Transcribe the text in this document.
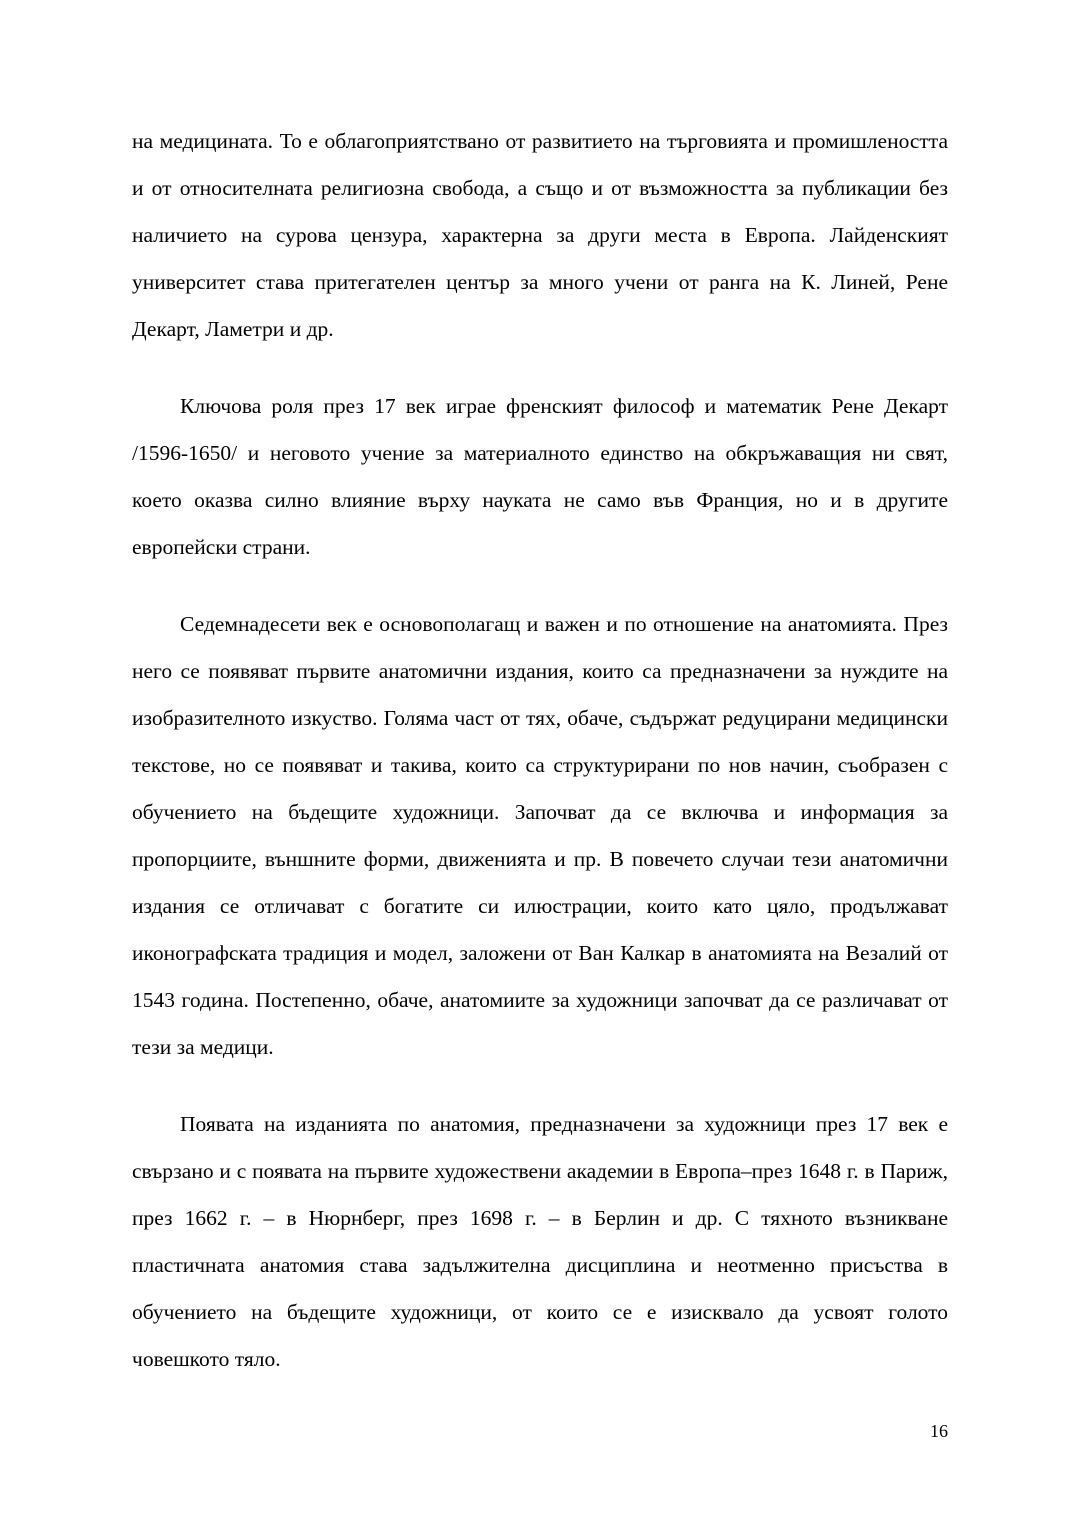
на медицината. То е облагоприятствано от развитието на търговията и промишлеността и от относителната религиозна свобода, а също и от възможността за публикации без наличието на сурова цензура, характерна за други места в Европа. Лайденският университет става притегателен център за много учени от ранга на К. Линей, Рене Декарт, Ламетри и др.

Ключова роля през 17 век играе френският философ и математик Рене Декарт /1596-1650/ и неговото учение за материалното единство на обкръжаващия ни свят, което оказва силно влияние върху науката не само във Франция, но и в другите европейски страни.

Седемнадесети век е основополагащ и важен и по отношение на анатомията. През него се появяват първите анатомични издания, които са предназначени за нуждите на изобразителното изкуство. Голяма част от тях, обаче, съдържат редуцирани медицински текстове, но се появяват и такива, които са структурирани по нов начин, съобразен с обучението на бъдещите художници. Започват да се включва и информация за пропорциите, външните форми, движенията и пр. В повечето случаи тези анатомични издания се отличават с богатите си илюстрации, които като цяло, продължават иконографската традиция и модел, заложени от Ван Калкар в анатомията на Везалий от 1543 година. Постепенно, обаче, анатомиите за художници започват да се различават от тези за медици.

Появата на изданията по анатомия, предназначени за художници през 17 век е свързано и с появата на първите художествени академии в Европа–през 1648 г. в Париж, през 1662 г. – в Нюрнберг, през 1698 г. – в Берлин и др. С тяхното възникване пластичната анатомия става задължителна дисциплина и неотменно присъства в обучението на бъдещите художници, от които се е изисквало да усвоят голото човешкото тяло.

16
